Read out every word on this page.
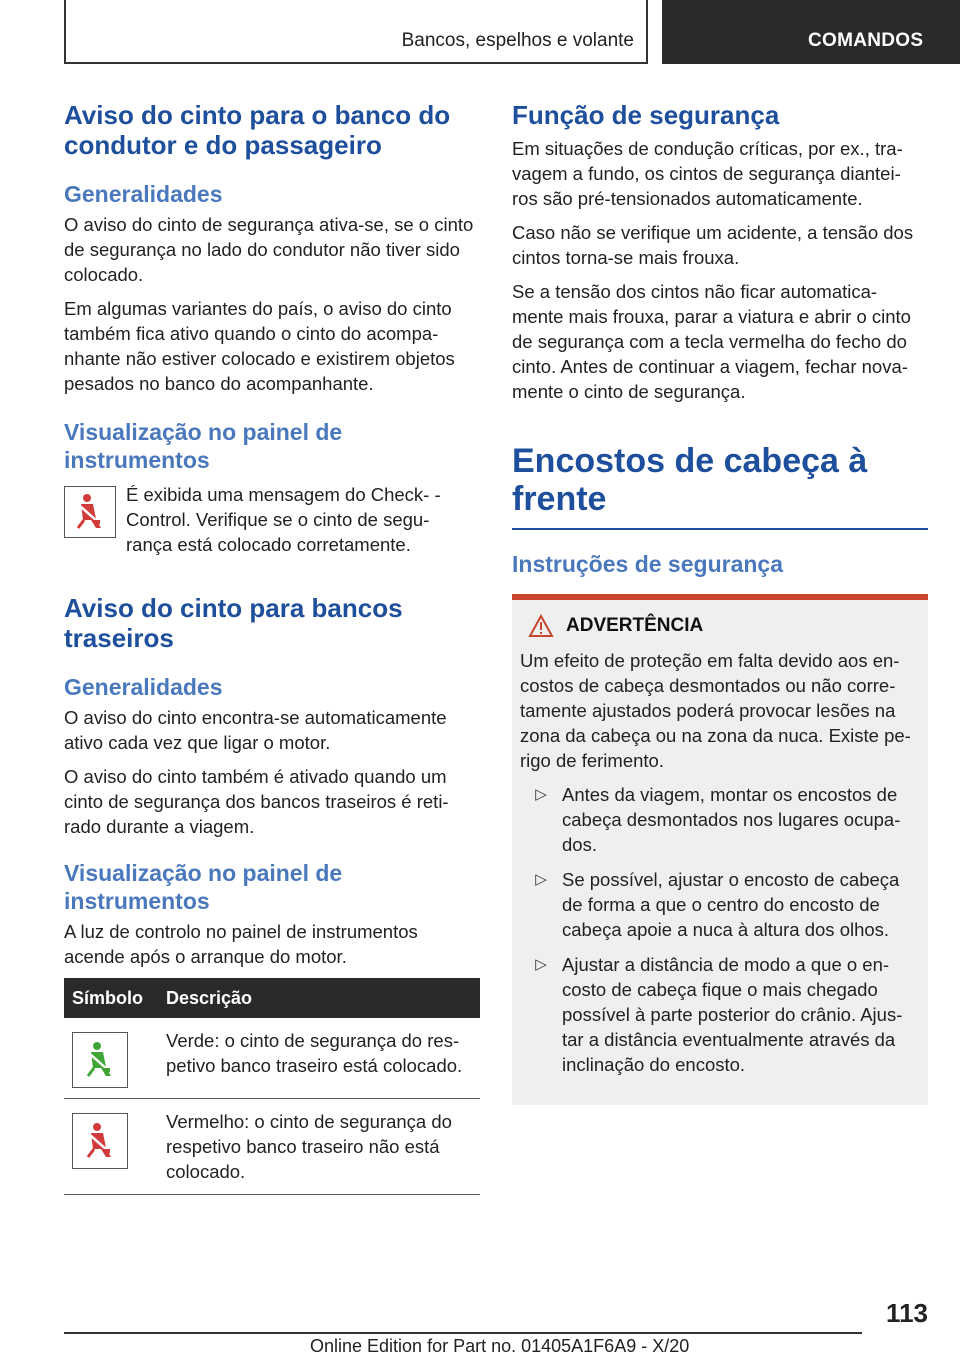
Bancos, espelhos e volante	COMANDOS
Aviso do cinto para o banco do condutor e do passageiro
Generalidades

O aviso do cinto de segurança ativa-se, se o cinto de segurança no lado do condutor não tiver sido colocado.

Em algumas variantes do país, o aviso do cinto também fica ativo quando o cinto do acompa- nhante não estiver colocado e existirem objetos pesados no banco do acompanhante.

Visualização no painel de instrumentos

É exibida uma mensagem do Check- -Control. Verifique se o cinto de segu- rança está colocado corretamente.

Aviso do cinto para bancos traseiros
Generalidades

O aviso do cinto encontra-se automaticamente ativo cada vez que ligar o motor.

O aviso do cinto também é ativado quando um cinto de segurança dos bancos traseiros é reti- rado durante a viagem.

Visualização no painel de instrumentos

A luz de controlo no painel de instrumentos acende após o arranque do motor.

Símbolo	Descrição

	Verde: o cinto de segurança do res- petivo banco traseiro está colocado.

	Vermelho: o cinto de segurança do respetivo banco traseiro não está colocado.
Função de segurança

Em situações de condução críticas, por ex., tra- vagem a fundo, os cintos de segurança diantei- ros são pré-tensionados automaticamente.

Caso não se verifique um acidente, a tensão dos cintos torna-se mais frouxa.

Se a tensão dos cintos não ficar automatica- mente mais frouxa, parar a viatura e abrir o cinto de segurança com a tecla vermelha do fecho do cinto. Antes de continuar a viagem, fechar nova- mente o cinto de segurança.

Encostos de cabeça à frente
Instruções de segurança
ADVERTÊNCIA

Um efeito de proteção em falta devido aos en- costos de cabeça desmontados ou não corre- tamente ajustados poderá provocar lesões na zona da cabeça ou na zona da nuca. Existe pe- rigo de ferimento.

▷ Antes da viagem, montar os encostos de cabeça desmontados nos lugares ocupa- dos.
▷ Se possível, ajustar o encosto de cabeça de forma a que o centro do encosto de cabeça apoie a nuca à altura dos olhos.
▷ Ajustar a distância de modo a que o en- costo de cabeça fique o mais chegado possível à parte posterior do crânio. Ajus- tar a distância eventualmente através da inclinação do encosto.
113
Online Edition for Part no. 01405A1F6A9 - X/20
